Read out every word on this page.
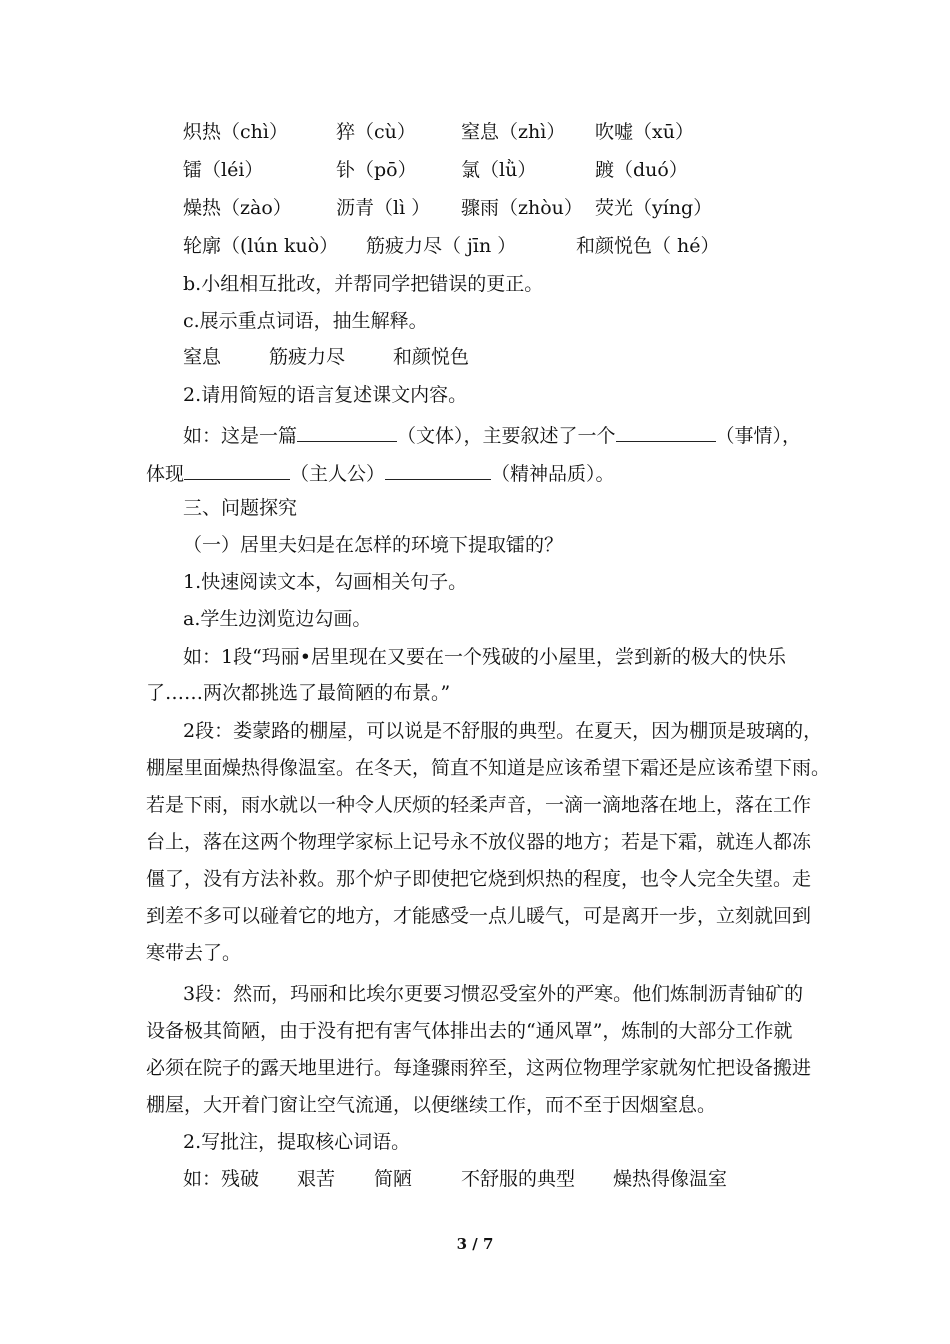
炽热（chì）	猝（cù） 窒息（zhì） 吹嘘（xū）
镭（léi）	钋（pō） 氯（lǜ）	踱（duó）
燥热（zào） 沥青（lì ） 骤雨（zhòu） 荧光（yíng）
轮廓（(lún kuò） 筋疲力尽（ jīn ）	和颜悦色（ hé）
b.小组相互批改，并帮同学把错误的更正。
c.展示重点词语，抽生解释。
窒息	筋疲力尽	和颜悦色
2.请用简短的语言复述课文内容。
如：这是一篇	（文体），主要叙述了一个	（事情），
体现	（主人公）	（精神品质）。
三、问题探究
（一）居里夫妇是在怎样的环境下提取镭的？
1.快速阅读文本，勾画相关句子。
a.学生边浏览边勾画。
如：1段“玛丽•居里现在又要在一个残破的小屋里，尝到新的极大的快乐
了……两次都挑选了最简陋的布景。”
2段：娄蒙路的棚屋，可以说是不舒服的典型。在夏天，因为棚顶是玻璃的，
棚屋里面燥热得像温室。在冬天，简直不知道是应该希望下霜还是应该希望下雨。
若是下雨，雨水就以一种令人厌烦的轻柔声音，一滴一滴地落在地上，落在工作
台上，落在这两个物理学家标上记号永不放仪器的地方；若是下霜，就连人都冻
僵了，没有方法补救。那个炉子即使把它烧到炽热的程度，也令人完全失望。走
到差不多可以碰着它的地方，才能感受一点儿暖气，可是离开一步，立刻就回到
寒带去了。
3段：然而，玛丽和比埃尔更要习惯忍受室外的严寒。他们炼制沥青铀矿的
设备极其简陋，由于没有把有害气体排出去的“通风罩”，炼制的大部分工作就
必须在院子的露天地里进行。每逢骤雨猝至，这两位物理学家就匆忙把设备搬进
棚屋，大开着门窗让空气流通，以便继续工作，而不至于因烟窒息。
2.写批注，提取核心词语。
如： 残破 艰苦 简陋	不舒服的典型 燥热得像温室
3 / 7
